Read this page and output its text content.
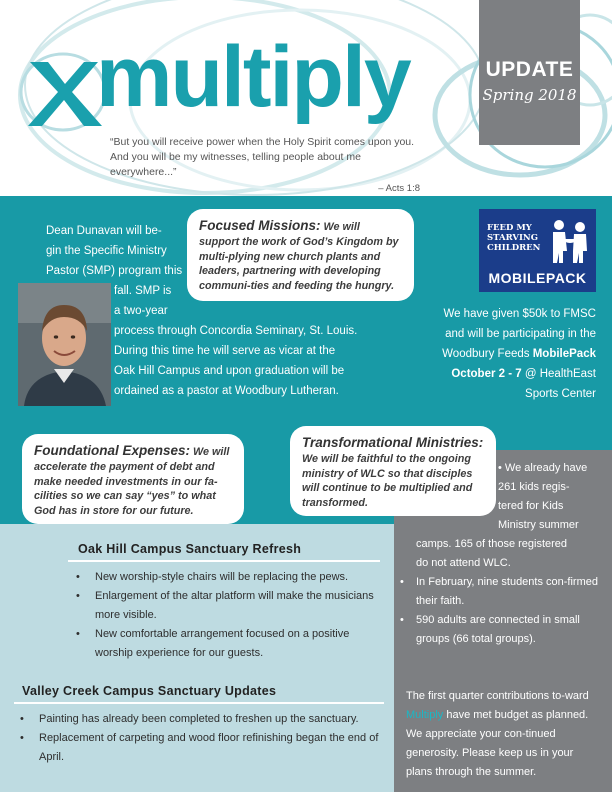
multiply
“But you will receive power when the Holy Spirit comes upon you.
And you will be my witnesses, telling people about me everywhere...”
– Acts 1:8
UPDATE
Spring 2018
Dean Dunavan will be-
gin the Specific Ministry
Pastor (SMP) program this
fall. SMP is
a two-year
process through Concordia Seminary, St. Louis.
During this time he will serve as vicar at the
Oak Hill Campus and upon graduation will be
ordained as a pastor at Woodbury Lutheran.
Focused Missions: We will support the work of God’s Kingdom by multi-plying new church plants and leaders, partnering with developing communi-ties and feeding the hungry.
FEED MY
STARVING
CHILDREN
MOBILEPACK
We have given $50k to FMSC
and will be participating in the
Woodbury Feeds MobilePack
October 2 - 7 @ HealthEast
Sports Center
Foundational Expenses: We will accelerate the payment of debt and make needed investments in our fa-cilities so we can say “yes” to what God has in store for our future.
Transformational Ministries:
We will be faithful to the ongoing ministry of WLC so that disciples will continue to be multiplied and transformed.
• We already have
261 kids regis-
tered for Kids
Ministry summer
camps. 165 of those registered
do not attend WLC.
• In February, nine students con-firmed their faith.
• 590 adults are connected in small groups (66 total groups).
Oak Hill Campus Sanctuary Refresh
• New worship-style chairs will be replacing the pews.
• Enlargement of the altar platform will make the musicians more visible.
• New comfortable arrangement focused on a positive worship experience for our guests.
Valley Creek Campus Sanctuary Updates
• Painting has already been completed to freshen up the sanctuary.
• Replacement of carpeting and wood floor refinishing began the end of April.
The first quarter contributions to-ward Multiply have met budget as planned. We appreciate your con-tinued generosity. Please keep us in your plans through the summer.
